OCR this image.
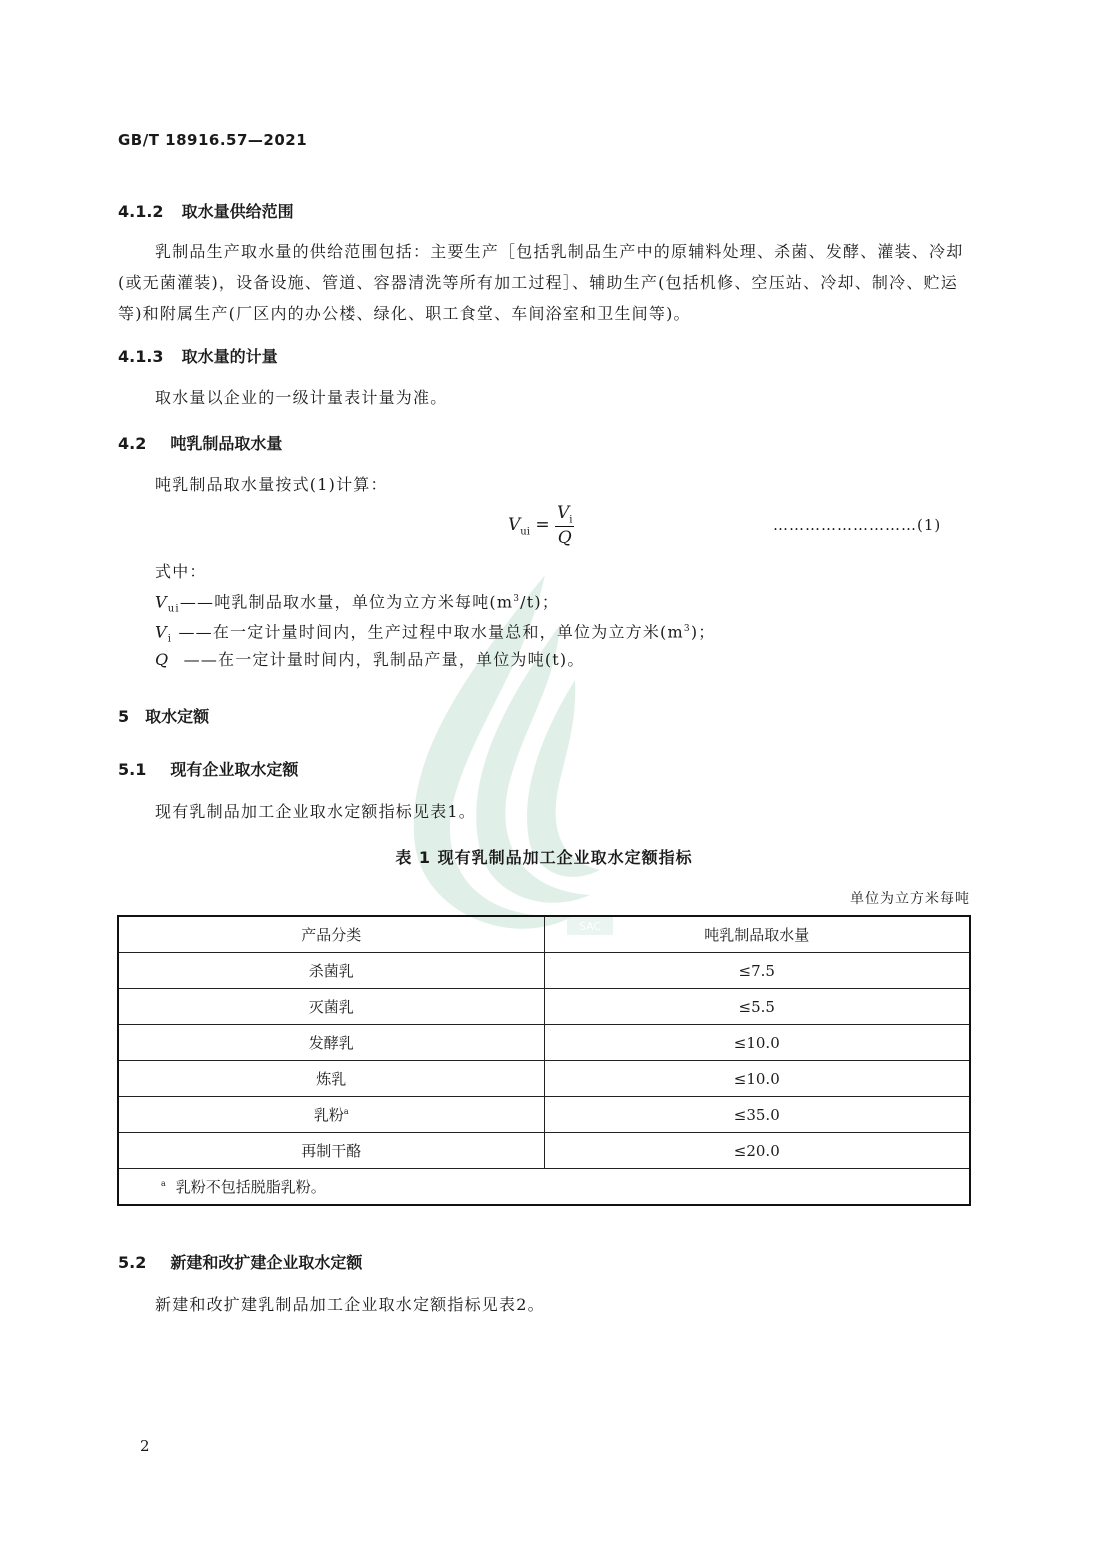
SAC
GB/T 18916.57—2021
4.1.2 取水量供给范围
乳制品生产取水量的供给范围包括：主要生产［包括乳制品生产中的原辅料处理、杀菌、发酵、灌装、冷却(或无菌灌装)，设备设施、管道、容器清洗等所有加工过程］、辅助生产(包括机修、空压站、冷却、制冷、贮运等)和附属生产(厂区内的办公楼、绿化、职工食堂、车间浴室和卫生间等)。
4.1.3 取水量的计量
取水量以企业的一级计量表计量为准。
4.2 吨乳制品取水量
吨乳制品取水量按式(1)计算：
$V_{ui} = \frac{V_i}{Q}$	………………………(1)
式中：
$V_{ui}——$吨乳制品取水量，单位为立方米每吨$(m^3/t)$；
$V_i$ ——在一定计量时间内，生产过程中取水量总和，单位为立方米$(m^3)$；
Q ——在一定计量时间内，乳制品产量，单位为吨(t)。
5 取水定额
5.1 现有企业取水定额
现有乳制品加工企业取水定额指标见表1。
表 1 现有乳制品加工企业取水定额指标
单位为立方米每吨
产品分类	吨乳制品取水量
杀菌乳	≤7.5
灭菌乳	≤5.5
发酵乳	≤10.0
炼乳	≤10.0
乳粉$^a$	≤35.0
再制干酪	≤20.0
$^a$ 乳粉不包括脱脂乳粉。	
5.2 新建和改扩建企业取水定额
新建和改扩建乳制品加工企业取水定额指标见表2。
2
